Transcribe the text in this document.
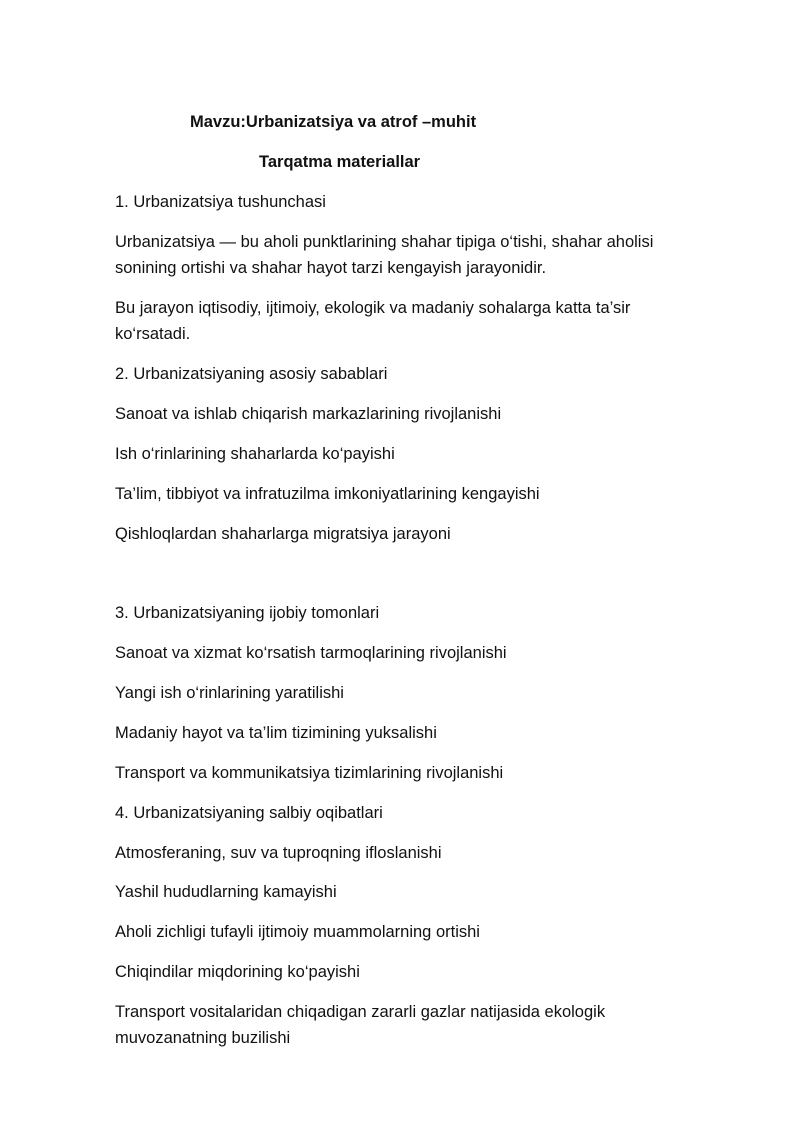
Mavzu:Urbanizatsiya va atrof –muhit
Tarqatma materiallar
1. Urbanizatsiya tushunchasi
Urbanizatsiya — bu aholi punktlarining shahar tipiga o‘tishi, shahar aholisi
sonining ortishi va shahar hayot tarzi kengayish jarayonidir.
Bu jarayon iqtisodiy, ijtimoiy, ekologik va madaniy sohalarga katta ta’sir
ko‘rsatadi.
2. Urbanizatsiyaning asosiy sabablari
Sanoat va ishlab chiqarish markazlarining rivojlanishi
Ish o‘rinlarining shaharlarda ko‘payishi
Ta’lim, tibbiyot va infratuzilma imkoniyatlarining kengayishi
Qishloqlardan shaharlarga migratsiya jarayoni
3. Urbanizatsiyaning ijobiy tomonlari
Sanoat va xizmat ko‘rsatish tarmoqlarining rivojlanishi
Yangi ish o‘rinlarining yaratilishi
Madaniy hayot va ta’lim tizimining yuksalishi
Transport va kommunikatsiya tizimlarining rivojlanishi
4. Urbanizatsiyaning salbiy oqibatlari
Atmosferaning, suv va tuproqning ifloslanishi
Yashil hududlarning kamayishi
Aholi zichligi tufayli ijtimoiy muammolarning ortishi
Chiqindilar miqdorining ko‘payishi
Transport vositalaridan chiqadigan zararli gazlar natijasida ekologik
muvozanatning buzilishi
